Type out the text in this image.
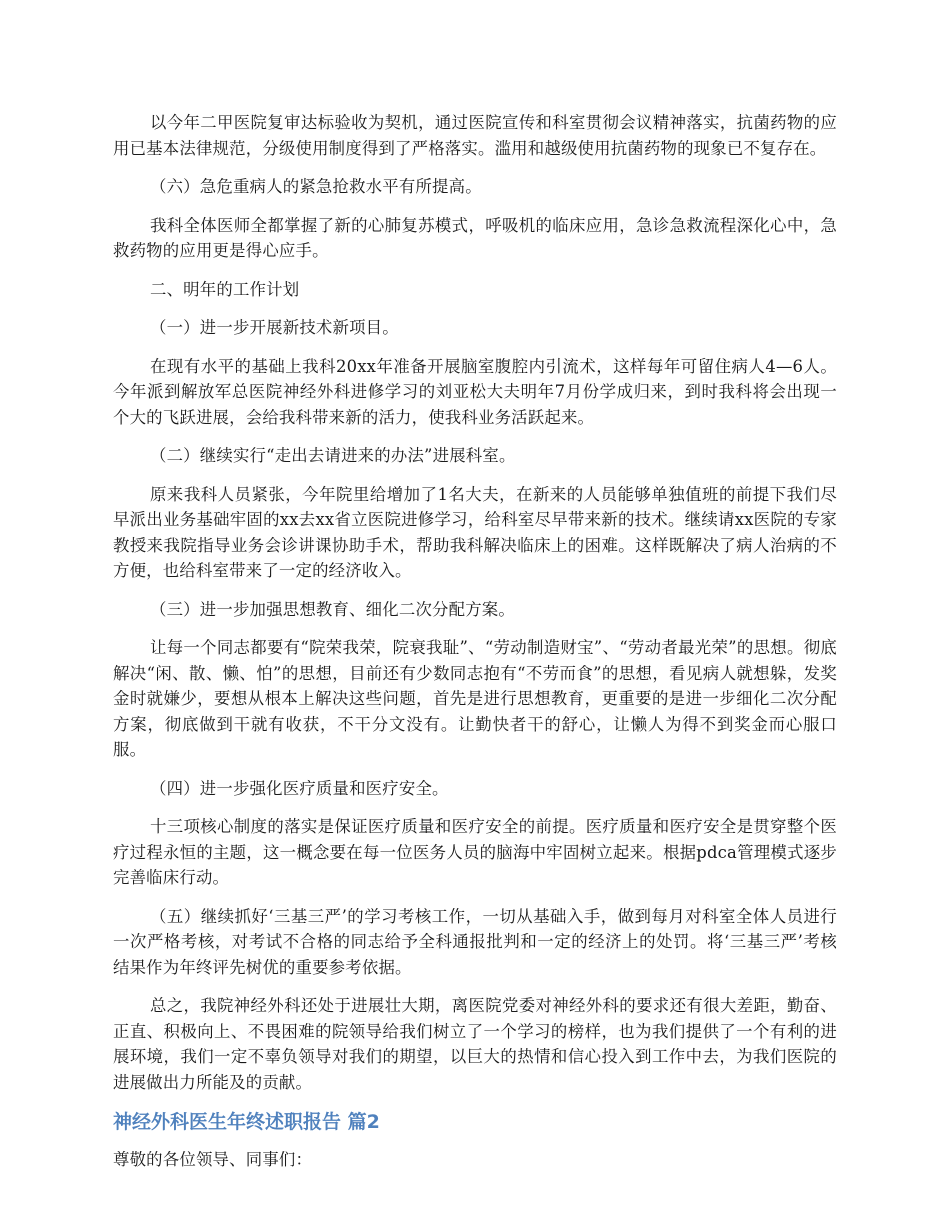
以今年二甲医院复审达标验收为契机，通过医院宣传和科室贯彻会议精神落实，抗菌药物的应用已基本法律规范，分级使用制度得到了严格落实。滥用和越级使用抗菌药物的现象已不复存在。

（六）急危重病人的紧急抢救水平有所提高。

我科全体医师全都掌握了新的心肺复苏模式，呼吸机的临床应用，急诊急救流程深化心中，急救药物的应用更是得心应手。

二、明年的工作计划

（一）进一步开展新技术新项目。

在现有水平的基础上我科20xx年准备开展脑室腹腔内引流术，这样每年可留住病人4—6人。今年派到解放军总医院神经外科进修学习的刘亚松大夫明年7月份学成归来，到时我科将会出现一个大的飞跃进展，会给我科带来新的活力，使我科业务活跃起来。

（二）继续实行“走出去请进来的办法”进展科室。

原来我科人员紧张，今年院里给增加了1名大夫，在新来的人员能够单独值班的前提下我们尽早派出业务基础牢固的xx去xx省立医院进修学习，给科室尽早带来新的技术。继续请xx医院的专家教授来我院指导业务会诊讲课协助手术，帮助我科解决临床上的困难。这样既解决了病人治病的不方便，也给科室带来了一定的经济收入。

（三）进一步加强思想教育、细化二次分配方案。

让每一个同志都要有“院荣我荣，院衰我耻”、“劳动制造财宝”、“劳动者最光荣”的思想。彻底解决“闲、散、懒、怕”的思想，目前还有少数同志抱有“不劳而食”的思想，看见病人就想躲，发奖金时就嫌少，要想从根本上解决这些问题，首先是进行思想教育，更重要的是进一步细化二次分配方案，彻底做到干就有收获，不干分文没有。让勤快者干的舒心，让懒人为得不到奖金而心服口服。

（四）进一步强化医疗质量和医疗安全。

十三项核心制度的落实是保证医疗质量和医疗安全的前提。医疗质量和医疗安全是贯穿整个医疗过程永恒的主题，这一概念要在每一位医务人员的脑海中牢固树立起来。根据pdca管理模式逐步完善临床行动。

（五）继续抓好‘三基三严’的学习考核工作，一切从基础入手，做到每月对科室全体人员进行一次严格考核，对考试不合格的同志给予全科通报批判和一定的经济上的处罚。将‘三基三严’考核结果作为年终评先树优的重要参考依据。

总之，我院神经外科还处于进展壮大期，离医院党委对神经外科的要求还有很大差距，勤奋、正直、积极向上、不畏困难的院领导给我们树立了一个学习的榜样，也为我们提供了一个有利的进展环境，我们一定不辜负领导对我们的期望，以巨大的热情和信心投入到工作中去，为我们医院的进展做出力所能及的贡献。

神经外科医生年终述职报告 篇2

尊敬的各位领导、同事们：
